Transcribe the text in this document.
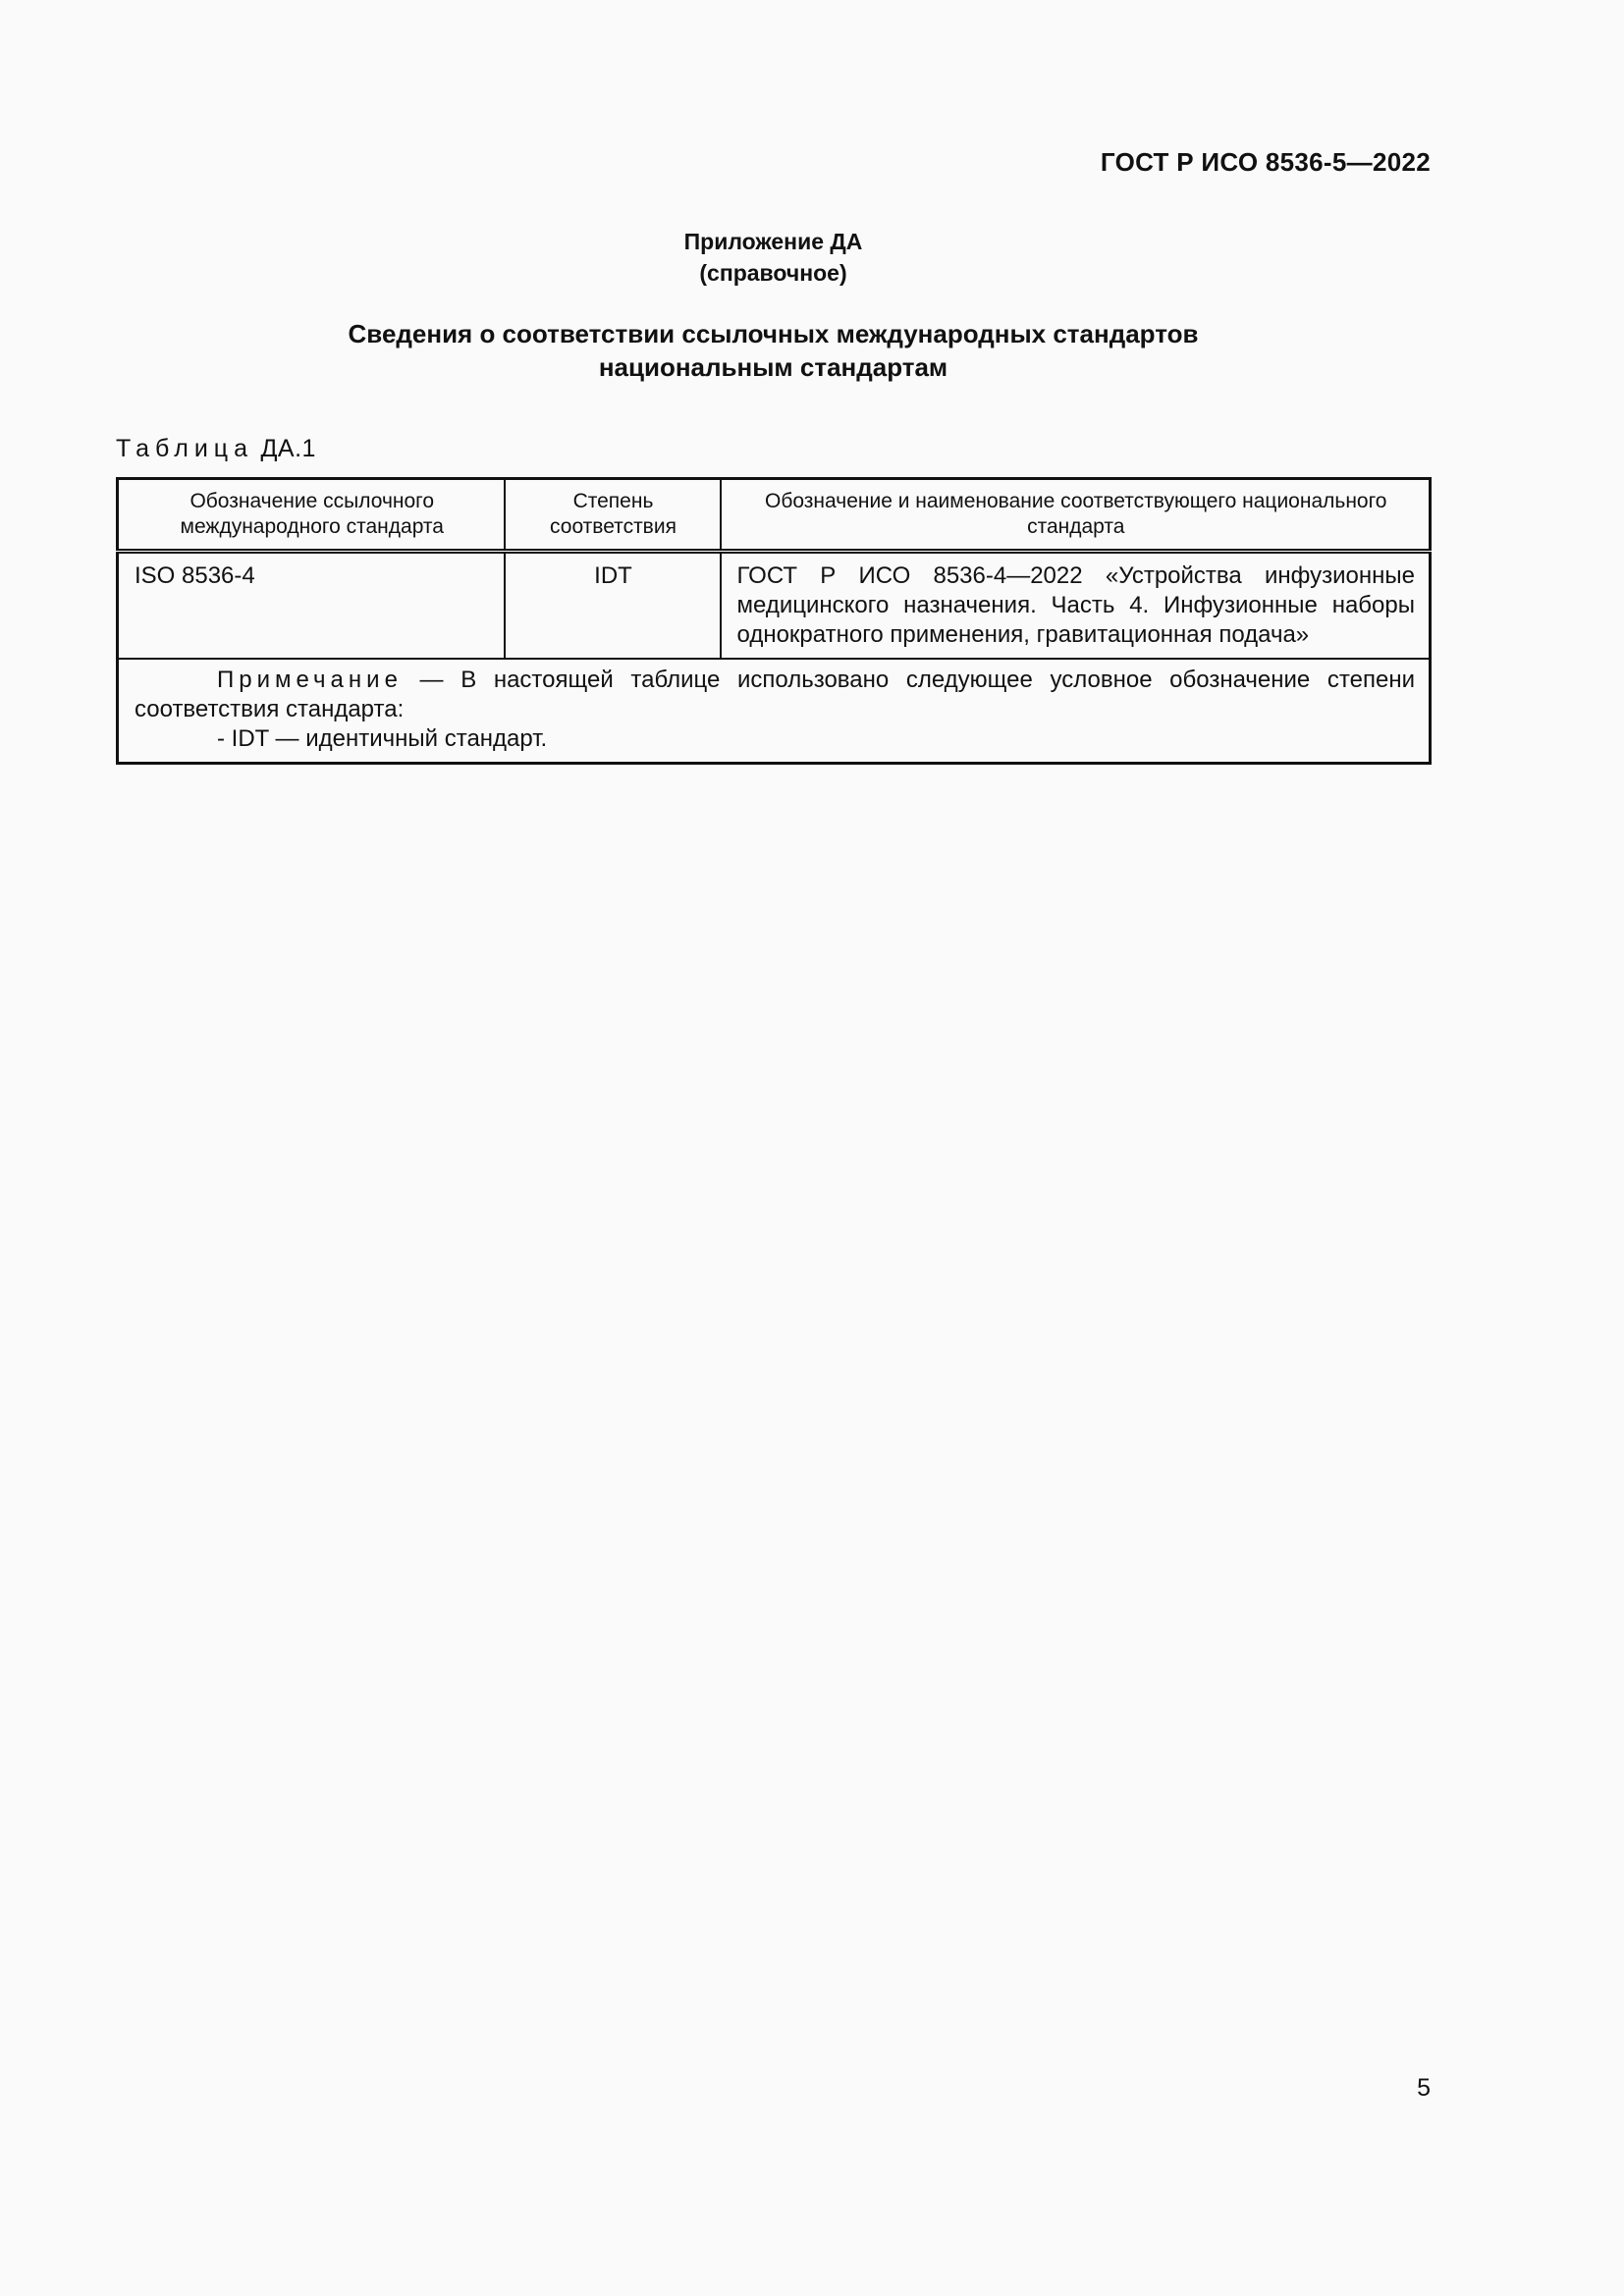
ГОСТ Р ИСО 8536-5—2022
Приложение ДА
(справочное)
Сведения о соответствии ссылочных международных стандартов
национальным стандартам
Таблица ДА.1
Обозначение ссылочного международного стандарта	Степень соответствия	Обозначение и наименование соответствующего национального стандарта

ISO 8536-4	IDT	ГОСТ Р ИСО 8536-4—2022 «Устройства инфузионные медицинского назначения. Часть 4. Инфузионные наборы однократного применения, гравитационная подача»

Примечание — В настоящей таблице использовано следующее условное обозначение степени соответствия стандарта:
- IDT — идентичный стандарт.		
5
